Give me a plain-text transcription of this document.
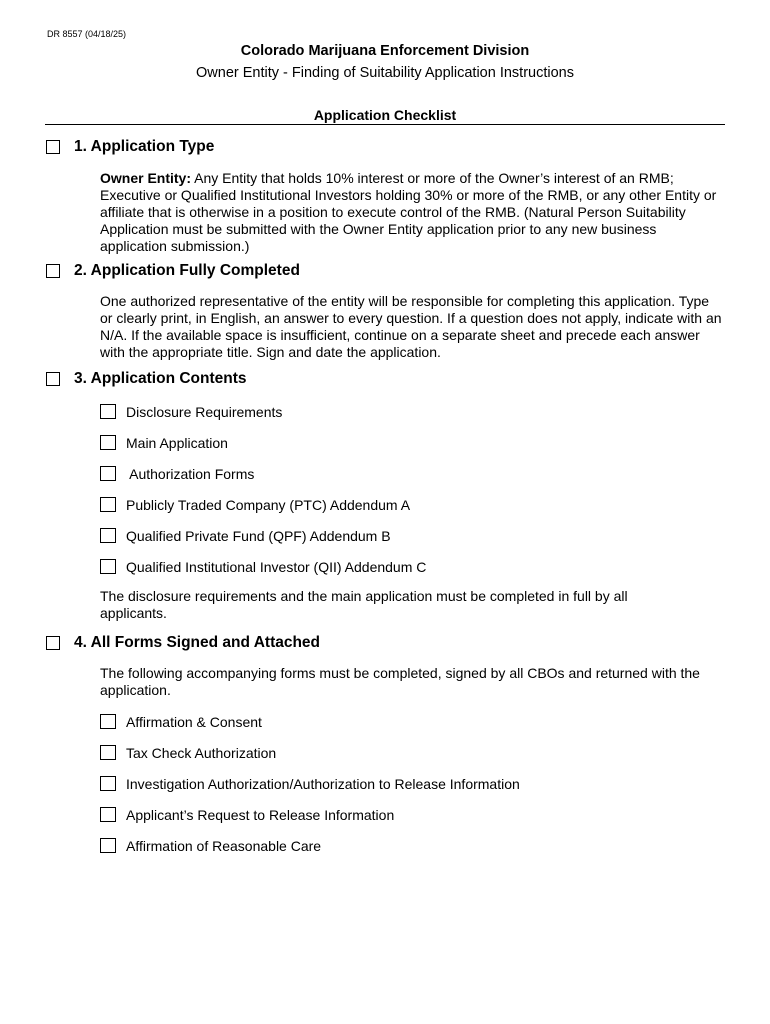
DR 8557 (04/18/25)
Colorado Marijuana Enforcement Division
Owner Entity - Finding of Suitability Application Instructions
Application Checklist
1. Application Type
Owner Entity: Any Entity that holds 10% interest or more of the Owner’s interest of an RMB; Executive or Qualified Institutional Investors holding 30% or more of the RMB, or any other Entity or affiliate that is otherwise in a position to execute control of the RMB. (Natural Person Suitability Application must be submitted with the Owner Entity application prior to any new business application submission.)
2. Application Fully Completed
One authorized representative of the entity will be responsible for completing this application. Type or clearly print, in English, an answer to every question. If a question does not apply, indicate with an N/A. If the available space is insufficient, continue on a separate sheet and precede each answer with the appropriate title. Sign and date the application.
3. Application Contents
Disclosure Requirements
Main Application
Authorization Forms
Publicly Traded Company (PTC) Addendum A
Qualified Private Fund (QPF) Addendum B
Qualified Institutional Investor (QII) Addendum C
The disclosure requirements and the main application must be completed in full by all applicants.
4. All Forms Signed and Attached
The following accompanying forms must be completed, signed by all CBOs and returned with the application.
Affirmation & Consent
Tax Check Authorization
Investigation Authorization/Authorization to Release Information
Applicant’s Request to Release Information
Affirmation of Reasonable Care
